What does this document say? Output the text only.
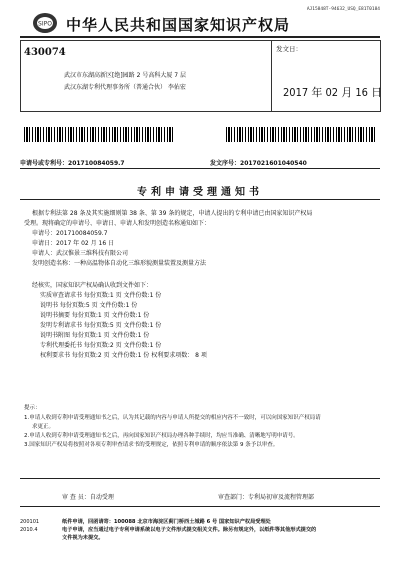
AJ15848T-94632_USQ_E81T0184
SIPO 中华人民共和国国家知识产权局
430074
武汉市东湖高新区[绝]园路 2 号高科大厦 7 层
武汉东湖专利代理事务所（普通合伙） 李佑宏
发文日：
2017 年 02 月 16 日
申请号或专利号：201710084059.7	发文序号：2017021601040540
专利申请受理通知书
根据专利法第 28 条及其实施细则第 38 条、第 39 条的规定，申请人提出的专利申请已由国家知识产权局
受理。现将确定的申请号、申请日、申请人和发明创造名称通知如下：
申请号：201710084059.7
申请日：2017 年 02 月 16 日
申请人：武汉惟景三维科技有限公司
发明创造名称：一种高温物体自动化三维形貌测量装置及测量方法
经核实，国家知识产权局确认收到文件如下：
实质审查请求书 每份页数:1 页 文件份数:1 份
说明书 每份页数:5 页 文件份数:1 份
说明书摘要 每份页数:1 页 文件份数:1 份
发明专利请求书 每份页数:5 页 文件份数:1 份
说明书附图 每份页数:1 页 文件份数:1 份
专利代理委托书 每份页数:2 页 文件份数:1 份
权利要求书 每份页数:2 页 文件份数:1 份 权利要求项数： 8 项
提示：
1.申请人收到专利申请受理通知书之后，认为其记载的内容与申请人所提交的相应内容不一致时，可以向国家知识产权局请
求更正。
2.申请人收到专利申请受理通知书之后，再向国家知识产权局办理各种手续时，均应当准确、清晰地写明申请号。
3.国家知识产权局将按照对各项专利审查请求书的受理规定，依照专利申请的顺序依法第 9 条予以审查。
审 查 员：自动受理	审查部门：专利局初审及流程管理部
200101
2010.4
纸件申请，回函请寄：100088 北京市海淀区蓟门桥西土城路 6 号 国家知识产权局受理处
电子申请，应当通过电子专利申请系统以电子文件形式提交相关文件。除另有规定外，以纸件等其他形式提交的
文件视为未提交。
